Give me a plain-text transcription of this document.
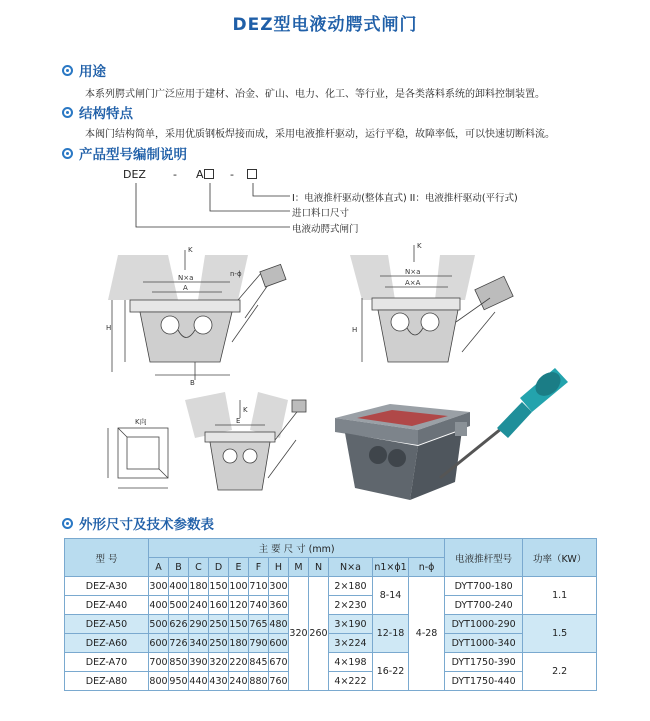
DEZ型电液动腭式闸门
用途
本系列腭式闸门广泛应用于建材、冶金、矿山、电力、化工、等行业，是各类落料系统的卸料控制装置。
结构特点
本阀门结构简单，采用优质钢板焊接而成，采用电液推杆驱动，运行平稳，故障率低，可以快速切断料流。
产品型号编制说明
DEZ - A	-
I：电液推杆驱动(整体直式) II：电液推杆驱动(平行式)
进口料口尺寸
电液动腭式闸门
K
N×a
A
n-ϕ
H
B
K
N×a
A×A
H
K向
K
E
外形尺寸及技术参数表
型 号	主 要 尺 寸 (mm)												电液推杆型号	功率（KW）
	A	B	C	D	E	F	H	M	N	N×a	n1×ϕ1	n-ϕ		
DEZ-A30	300	400	180	150	100	710	300	320	260	2×180	8-14	4-28	DYT700-180	1.1
DEZ-A40	400	500	240	160	120	740	360			2×230			DYT700-240	
DEZ-A50	500	626	290	250	150	765	480			3×190	12-18		DYT1000-290	1.5
DEZ-A60	600	726	340	250	180	790	600			3×224			DYT1000-340	
DEZ-A70	700	850	390	320	220	845	670			4×198	16-22		DYT1750-390	2.2
DEZ-A80	800	950	440	430	240	880	760			4×222			DYT1750-440	
